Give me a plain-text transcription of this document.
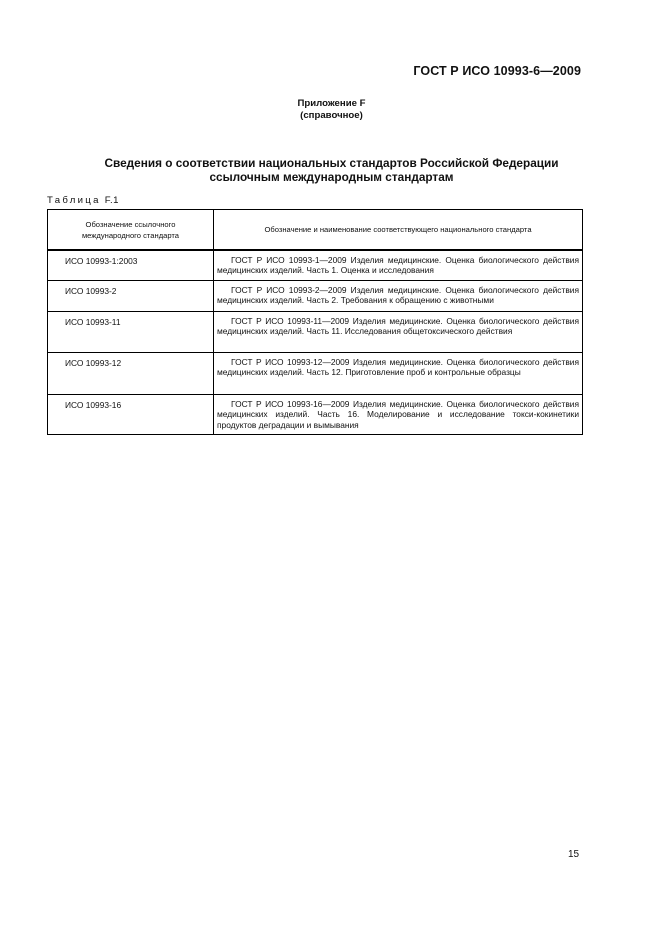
ГОСТ Р ИСО 10993-6—2009
Приложение F
(справочное)
Сведения о соответствии национальных стандартов Российской Федерации
ссылочным международным стандартам
Таблица F.1
Обозначение ссылочного
международного стандарта	Обозначение и наименование соответствующего национального стандарта
ИСО 10993-1:2003	ГОСТ Р ИСО 10993-1—2009 Изделия медицинские. Оценка биологического действия медицинских изделий. Часть 1. Оценка и исследования
ИСО 10993-2	ГОСТ Р ИСО 10993-2—2009 Изделия медицинские. Оценка биологического действия медицинских изделий. Часть 2. Требования к обращению с животными
ИСО 10993-11	ГОСТ Р ИСО 10993-11—2009 Изделия медицинские. Оценка биологического действия медицинских изделий. Часть 11. Исследования общетоксического действия
ИСО 10993-12	ГОСТ Р ИСО 10993-12—2009 Изделия медицинские. Оценка биологического действия медицинских изделий. Часть 12. Приготовление проб и контрольные образцы
ИСО 10993-16	ГОСТ Р ИСО 10993-16—2009 Изделия медицинские. Оценка биологического действия медицинских изделий. Часть 16. Моделирование и исследование токси-кокинетики продуктов деградации и вымывания
15
